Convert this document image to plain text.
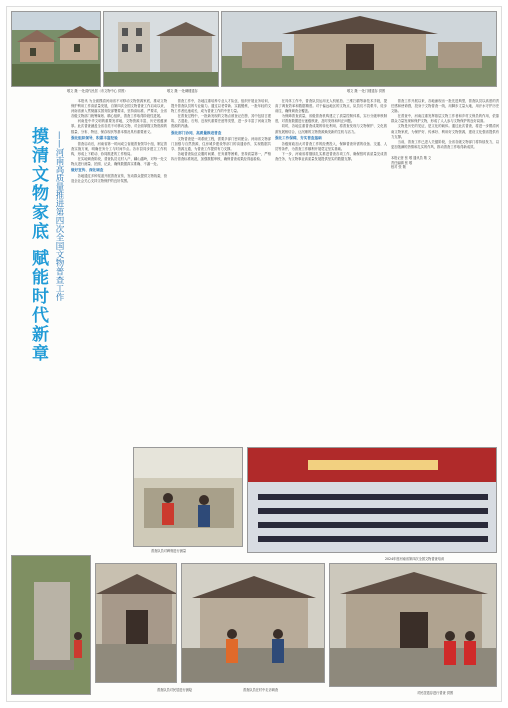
敬文 摄 一处清代民居（市文物中心 供图）	敬文 摄 一处碉楼遗存	敬文 摄 一处门楼遗存 供图
摸清文物家底 赋能时代新章 ——河南高质量推进第四次全国文物普查工作

本报讯 为全面摸清河南省不可移动文物资源家底，推动文物保护利用工作高质量发展，自第四次全国文物普查工作启动以来，河南省深入贯彻落实国务院部署要求，坚持高标准、严要求，全省各级文物部门统筹谋划、精心组织，普查工作取得阶段性进展。

河南是中华文明的重要发祥地，文物资源丰富，历史底蕴深厚。此次普查涵盖全省各类不可移动文物，对全面掌握文物资源的数量、分布、特征、保存现状等基本情况具有重要意义。

强化组织领导，积累丰富经验

普查启动后，河南省第一时间成立省级普查领导小组，制定普查实施方案，明确任务分工与时间节点。各市县同步建立工作机构，形成上下联动、协同推进的工作格局。

在实地调查阶段，普查队员走村入户，翻山越岭，对每一处文物点进行测量、拍照、记录，确保数据真实准确、不漏一处。

做好宣传、深化调查

各地通过多种渠道开展普查宣传，发动群众提供文物线索，营造全社会关心支持文物保护的良好氛围。

普查工作中，各地注重培养专业人才队伍，组织开展业务培训，提升普查队员的专业能力。通过以老带新、实践锻炼，一批年轻的文物工作者迅速成长，成为普查工作的中坚力量。

在普查过程中，一批新发现的文物点被登记在册，其中包括古建筑、古遗址、石刻、近现代重要史迹等类型，进一步丰富了河南文物资源的内涵。

强化部门协同，高质量推进普查

文物普查是一项系统工程，需要多部门密切配合。河南省文物部门加强与自然资源、住房城乡建设等部门的沟通协作，实现数据共享、资源互通，为普查工作提供有力支撑。

各地普查队伍克服时间紧、任务重等困难，坚持质量第一，严格执行普查标准规范，加强数据审核，确保普查成果经得起检验。

在具体工作中，普查队员运用无人机航拍、三维扫描等新技术手段，提高了调查效率和数据精度。对于偏远地区的文物点，队员们不畏艰辛，徒步前往，确保调查全覆盖。

为保障普查质量，省级普查机构建立了质量控制体系，实行分级审核制度，对普查数据进行逐级核查，及时发现和纠正问题。

同时，各地注重普查成果的转化利用，将普查发现与文物保护、文化旅游发展相结合，让沉睡的文物资源焕发新的生机与活力。

强化工作保障，夯实普查基础

各级财政加大对普查工作的经费投入，保障普查所需的设备、交通、人员等条件，为普查工作顺利开展奠定坚实基础。

下一步，河南省将继续扎实推进普查各项工作，确保按时高质量完成普查任务，为文物事业高质量发展提供坚实的数据支撑。

普查工作开展以来，各地涌现出一批先进典型，普查队员以高度的责任感和使命感，投身于文物普查一线，用脚步丈量大地，用汗水守护历史文脉。

在普查中，河南注重发挥基层文物工作者和乡村文保员的作用，依靠群众力量发现和保护文物，形成了人人参与文物保护的良好局面。

文物是历史的见证，是文化的载体。通过此次普查，将进一步摸清河南文物家底，为保护好、传承好、利用好文物资源，建设文化强省提供有力支撑。

当前，普查工作已进入关键阶段，全省各级文物部门将持续发力，以更加饱满的热情和扎实的作风，推动普查工作取得新成效。

本报记者 张 敬 通讯员 敬 文
责任编辑 张 敬
校对 张 敬
2024年度河南省第四次全国文物普查培训
普查队员对碑刻进行测量
普查队员对民居进行测绘	普查队员在村中走访调查
对民居遗存进行普查 供图
